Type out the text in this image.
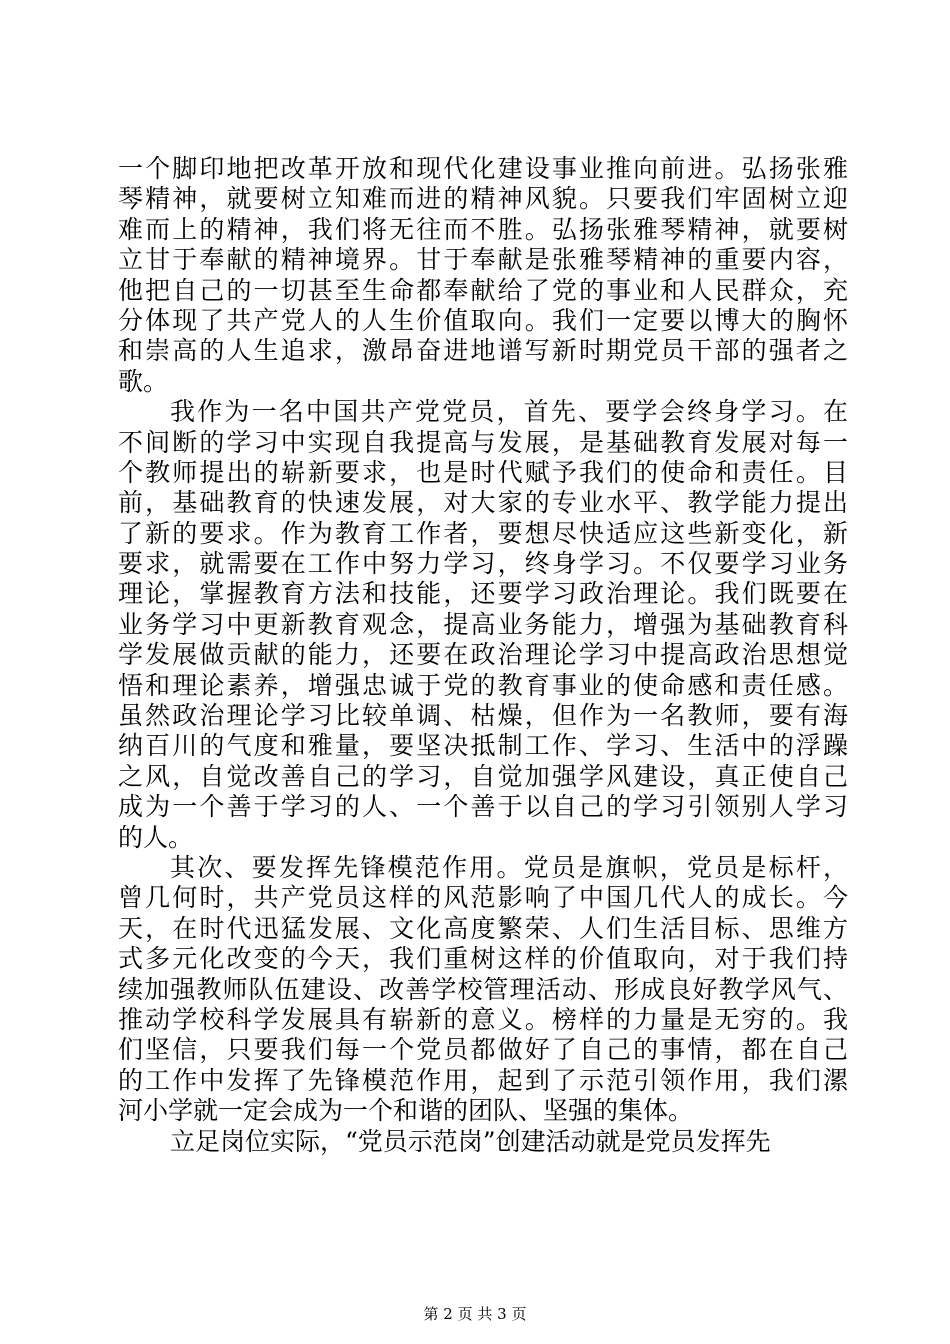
一个脚印地把改革开放和现代化建设事业推向前进。弘扬张雅
琴精神，就要树立知难而进的精神风貌。只要我们牢固树立迎
难而上的精神，我们将无往而不胜。弘扬张雅琴精神，就要树
立甘于奉献的精神境界。甘于奉献是张雅琴精神的重要内容，
他把自己的一切甚至生命都奉献给了党的事业和人民群众，充
分体现了共产党人的人生价值取向。我们一定要以博大的胸怀
和崇高的人生追求，激昂奋进地谱写新时期党员干部的强者之
歌。
我作为一名中国共产党党员，首先、要学会终身学习。在
不间断的学习中实现自我提高与发展，是基础教育发展对每一
个教师提出的崭新要求，也是时代赋予我们的使命和责任。目
前，基础教育的快速发展，对大家的专业水平、教学能力提出
了新的要求。作为教育工作者，要想尽快适应这些新变化，新
要求，就需要在工作中努力学习，终身学习。不仅要学习业务
理论，掌握教育方法和技能，还要学习政治理论。我们既要在
业务学习中更新教育观念，提高业务能力，增强为基础教育科
学发展做贡献的能力，还要在政治理论学习中提高政治思想觉
悟和理论素养，增强忠诚于党的教育事业的使命感和责任感。
虽然政治理论学习比较单调、枯燥，但作为一名教师，要有海
纳百川的气度和雅量，要坚决抵制工作、学习、生活中的浮躁
之风，自觉改善自己的学习，自觉加强学风建设，真正使自己
成为一个善于学习的人、一个善于以自己的学习引领别人学习
的人。
其次、要发挥先锋模范作用。党员是旗帜，党员是标杆，
曾几何时，共产党员这样的风范影响了中国几代人的成长。今
天，在时代迅猛发展、文化高度繁荣、人们生活目标、思维方
式多元化改变的今天，我们重树这样的价值取向，对于我们持
续加强教师队伍建设、改善学校管理活动、形成良好教学风气、
推动学校科学发展具有崭新的意义。榜样的力量是无穷的。我
们坚信，只要我们每一个党员都做好了自己的事情，都在自己
的工作中发挥了先锋模范作用，起到了示范引领作用，我们漯
河小学就一定会成为一个和谐的团队、坚强的集体。
立足岗位实际，“党员示范岗”创建活动就是党员发挥先
第 2 页 共 3 页
